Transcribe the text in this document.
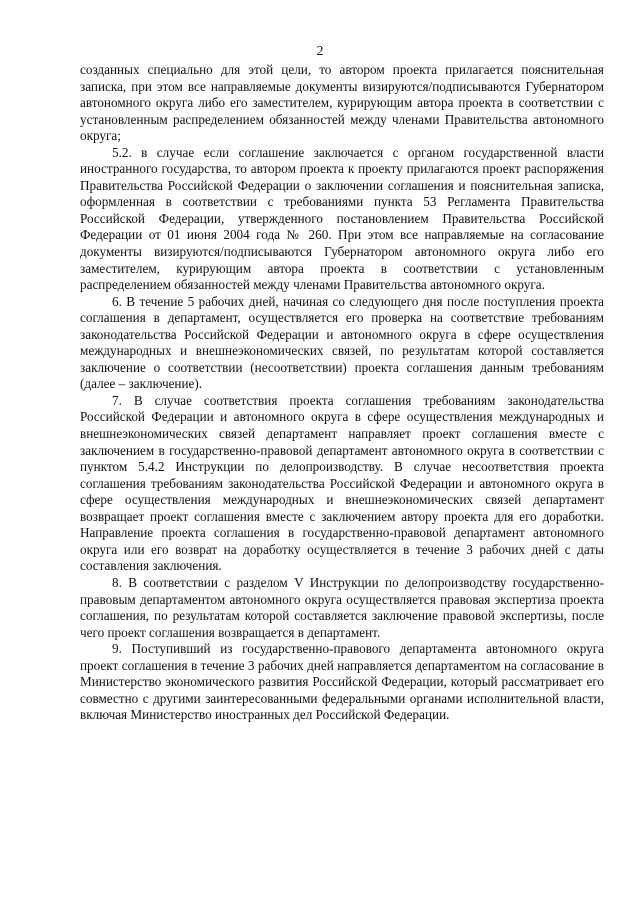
2

созданных специально для этой цели, то автором проекта прилагается пояснительная записка, при этом все направляемые документы визируются/подписываются Губернатором автономного округа либо его заместителем, курирующим автора проекта в соответствии с установленным распределением обязанностей между членами Правительства автономного округа;

5.2. в случае если соглашение заключается с органом государственной власти иностранного государства, то автором проекта к проекту прилагаются проект распоряжения Правительства Российской Федерации о заключении соглашения и пояснительная записка, оформленная в соответствии с требованиями пункта 53 Регламента Правительства Российской Федерации, утвержденного постановлением Правительства Российской Федерации от 01 июня 2004 года № 260. При этом все направляемые на согласование документы визируются/подписываются Губернатором автономного округа либо его заместителем, курирующим автора проекта в соответствии с установленным распределением обязанностей между членами Правительства автономного округа.

6. В течение 5 рабочих дней, начиная со следующего дня после поступления проекта соглашения в департамент, осуществляется его проверка на соответствие требованиям законодательства Российской Федерации и автономного округа в сфере осуществления международных и внешнеэкономических связей, по результатам которой составляется заключение о соответствии (несоответствии) проекта соглашения данным требованиям (далее – заключение).

7. В случае соответствия проекта соглашения требованиям законодательства Российской Федерации и автономного округа в сфере осуществления международных и внешнеэкономических связей департамент направляет проект соглашения вместе с заключением в государственно-правовой департамент автономного округа в соответствии с пунктом 5.4.2 Инструкции по делопроизводству. В случае несоответствия проекта соглашения требованиям законодательства Российской Федерации и автономного округа в сфере осуществления международных и внешнеэкономических связей департамент возвращает проект соглашения вместе с заключением автору проекта для его доработки. Направление проекта соглашения в государственно-правовой департамент автономного округа или его возврат на доработку осуществляется в течение 3 рабочих дней с даты составления заключения.

8. В соответствии с разделом V Инструкции по делопроизводству государственно-правовым департаментом автономного округа осуществляется правовая экспертиза проекта соглашения, по результатам которой составляется заключение правовой экспертизы, после чего проект соглашения возвращается в департамент.

9. Поступивший из государственно-правового департамента автономного округа проект соглашения в течение 3 рабочих дней направляется департаментом на согласование в Министерство экономического развития Российской Федерации, который рассматривает его совместно с другими заинтересованными федеральными органами исполнительной власти, включая Министерство иностранных дел Российской Федерации.
